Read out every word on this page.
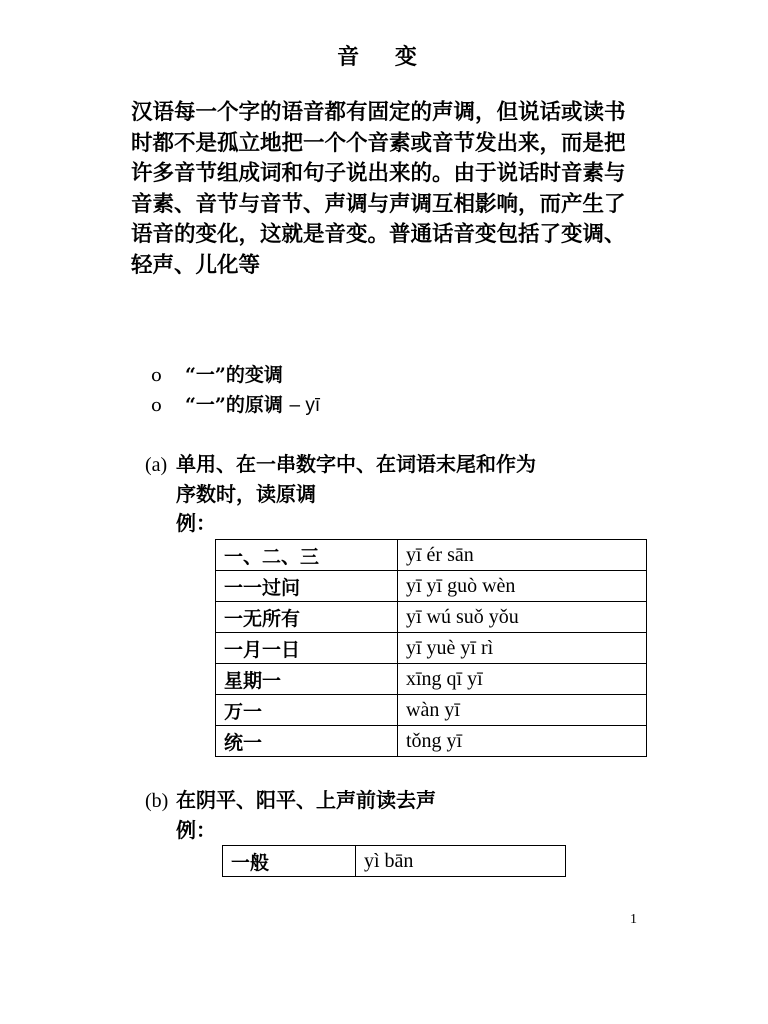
音 变

汉语每一个字的语音都有固定的声调，但说话或读书时都不是孤立地把一个个音素或音节发出来，而是把许多音节组成词和句子说出来的。由于说话时音素与音素、音节与音节、声调与声调互相影响，而产生了语音的变化，这就是音变。普通话音变包括了变调、轻声、儿化等

o “一”的变调
o “一”的原调 – yī
(a) 单用、在一串数字中、在词语末尾和作为
序数时，读原调
例：
一、二、三	yī ér sān
一一过问	yī yī guò wèn
一无所有	yī wú suǒ yǒu
一月一日	yī yuè yī rì
星期一	xīng qī yī
万一	wàn yī
统一	tǒng yī
(b) 在阴平、阳平、上声前读去声
例：
一般	yì bān
1
